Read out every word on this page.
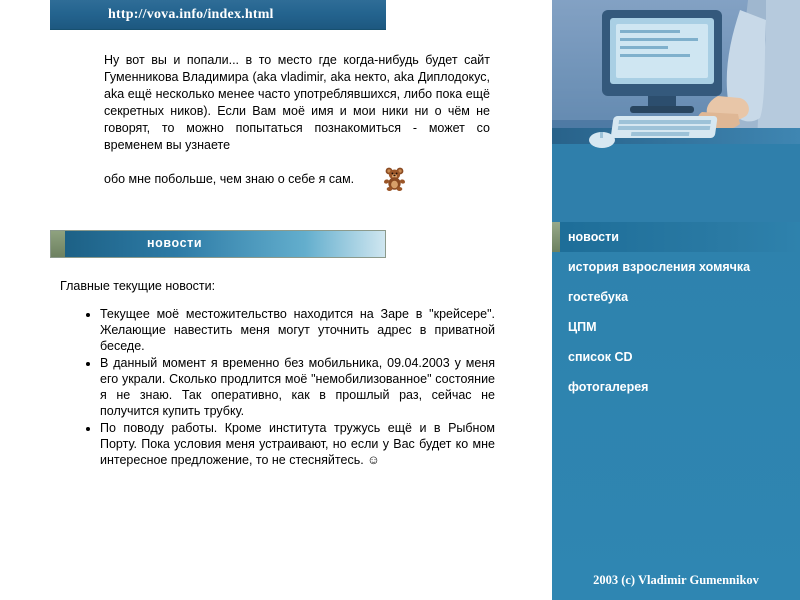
http://vova.info/index.html

Ну вот вы и попали... в то место где когда-нибудь будет сайт Гуменникова Владимира (aka vladimir, aka некто, aka Диплодокус, aka ещё несколько менее часто употреблявшихся, либо пока ещё секретных ников). Если Вам моё имя и мои ники ни о чём не говорят, то можно попытаться познакомиться - может со временем вы узнаете

обо мне побольше, чем знаю о себе я сам.

новости
Главные текущие новости:
• Текущее моё местожительство находится на Заре в "крейсере". Желающие навестить меня могут уточнить адрес в приватной беседе.
• В данный момент я временно без мобильника, 09.04.2003 у меня его украли. Сколько продлится моё "немобилизованное" состояние я не знаю. Так оперативно, как в прошлый раз, сейчас не получится купить трубку.
• По поводу работы. Кроме института тружусь ещё и в Рыбном Порту. Пока условия меня устраивают, но если у Вас будет ко мне интересное предложение, то не стесняйтесь. ☺
новости
история взросления хомячка
гостебука
ЦПМ
список CD
фотогалерея
2003 (c) Vladimir Gumennikov
